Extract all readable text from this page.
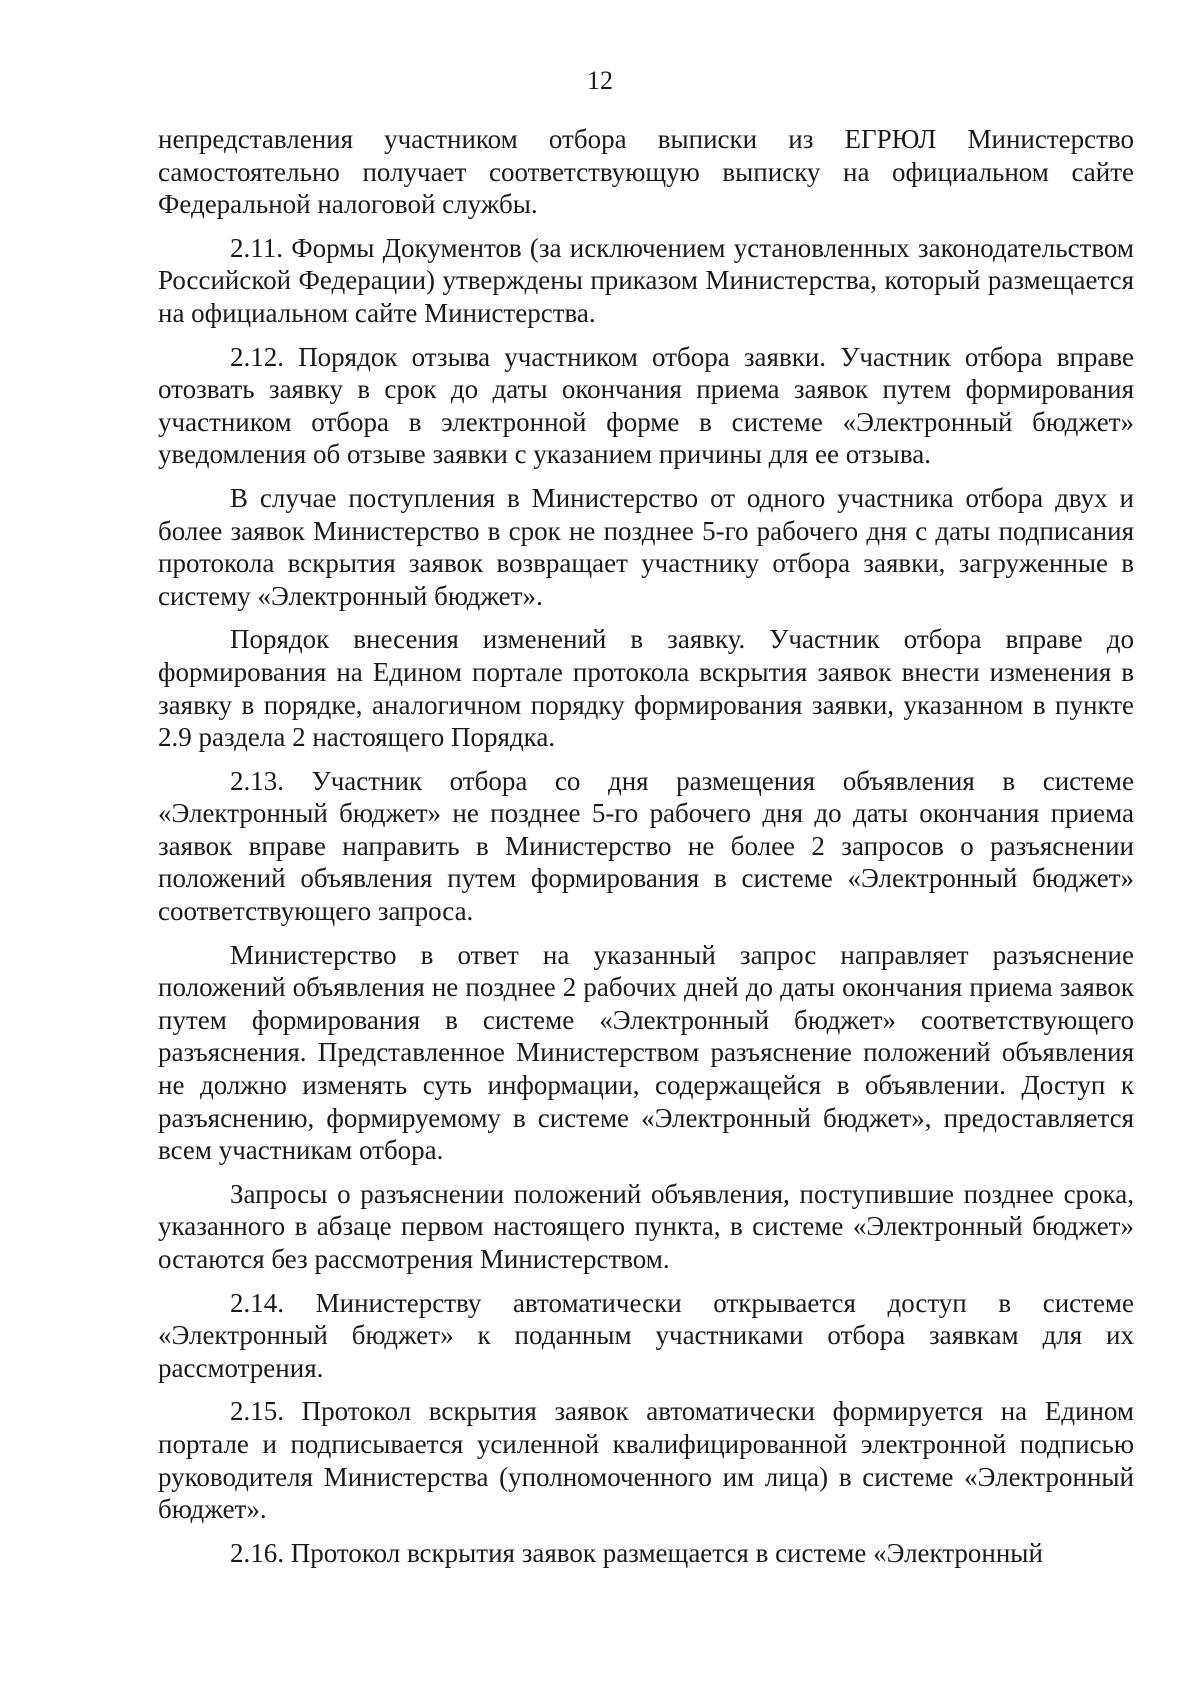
12

непредставления участником отбора выписки из ЕГРЮЛ Министерство самостоятельно получает соответствующую выписку на официальном сайте Федеральной налоговой службы.

2.11. Формы Документов (за исключением установленных законодательством Российской Федерации) утверждены приказом Министерства, который размещается на официальном сайте Министерства.

2.12. Порядок отзыва участником отбора заявки. Участник отбора вправе отозвать заявку в срок до даты окончания приема заявок путем формирования участником отбора в электронной форме в системе «Электронный бюджет» уведомления об отзыве заявки с указанием причины для ее отзыва.

В случае поступления в Министерство от одного участника отбора двух и более заявок Министерство в срок не позднее 5-го рабочего дня с даты подписания протокола вскрытия заявок возвращает участнику отбора заявки, загруженные в систему «Электронный бюджет».

Порядок внесения изменений в заявку. Участник отбора вправе до формирования на Едином портале протокола вскрытия заявок внести изменения в заявку в порядке, аналогичном порядку формирования заявки, указанном в пункте 2.9 раздела 2 настоящего Порядка.

2.13. Участник отбора со дня размещения объявления в системе «Электронный бюджет» не позднее 5-го рабочего дня до даты окончания приема заявок вправе направить в Министерство не более 2 запросов о разъяснении положений объявления путем формирования в системе «Электронный бюджет» соответствующего запроса.

Министерство в ответ на указанный запрос направляет разъяснение положений объявления не позднее 2 рабочих дней до даты окончания приема заявок путем формирования в системе «Электронный бюджет» соответствующего разъяснения. Представленное Министерством разъяснение положений объявления не должно изменять суть информации, содержащейся в объявлении. Доступ к разъяснению, формируемому в системе «Электронный бюджет», предоставляется всем участникам отбора.

Запросы о разъяснении положений объявления, поступившие позднее срока, указанного в абзаце первом настоящего пункта, в системе «Электронный бюджет» остаются без рассмотрения Министерством.

2.14. Министерству автоматически открывается доступ в системе «Электронный бюджет» к поданным участниками отбора заявкам для их рассмотрения.

2.15. Протокол вскрытия заявок автоматически формируется на Едином портале и подписывается усиленной квалифицированной электронной подписью руководителя Министерства (уполномоченного им лица) в системе «Электронный бюджет».

2.16. Протокол вскрытия заявок размещается в системе «Электронный
